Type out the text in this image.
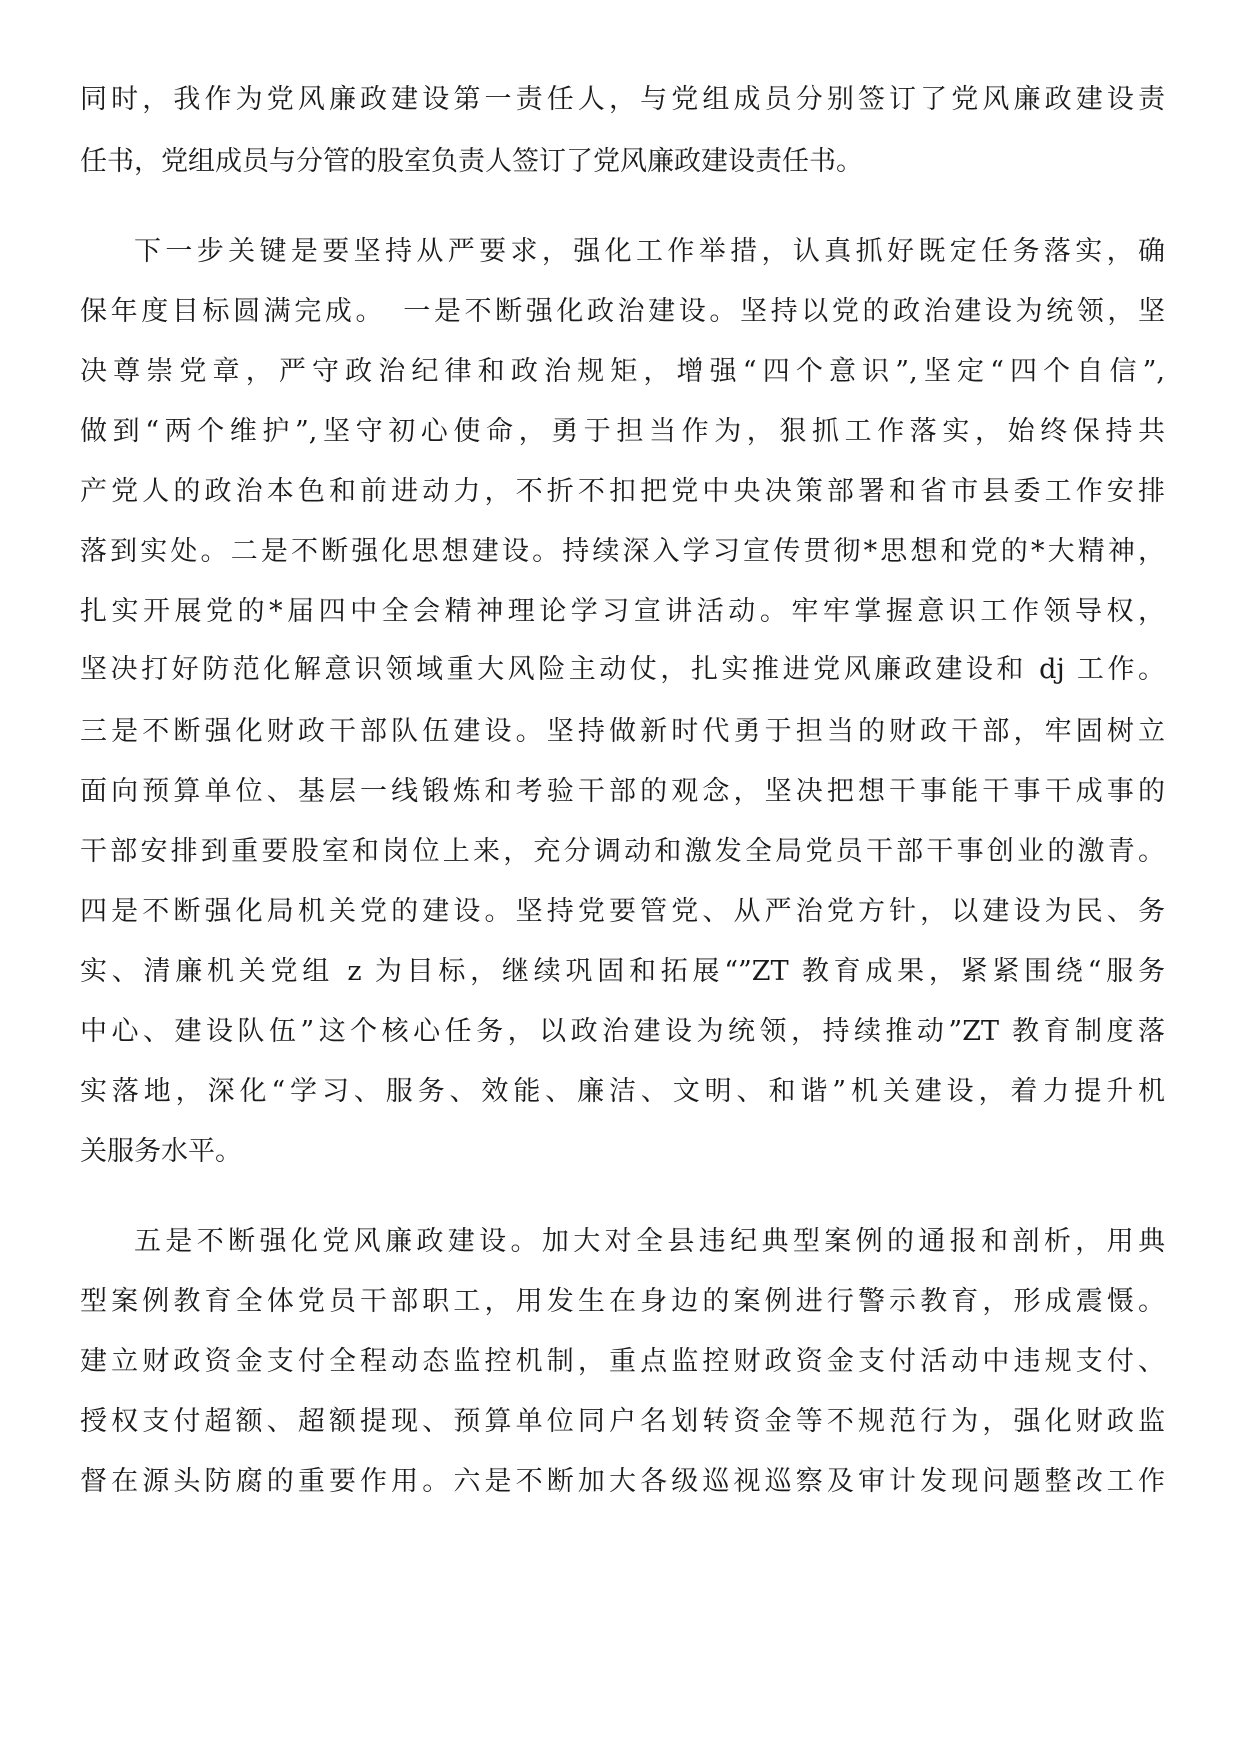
同时，我作为党风廉政建设第一责任人，与党组成员分别签订了党风廉政建设责
任书，党组成员与分管的股室负责人签订了党风廉政建设责任书。
下一步关键是要坚持从严要求，强化工作举措，认真抓好既定任务落实，确
保年度目标圆满完成。　一是不断强化政治建设。坚持以党的政治建设为统领，坚
决尊崇党章，严守政治纪律和政治规矩，增强“四个意识”,坚定“四个自信”,
做到“两个维护”,坚守初心使命，勇于担当作为，狠抓工作落实，始终保持共
产党人的政治本色和前进动力，不折不扣把党中央决策部署和省市县委工作安排
落到实处。二是不断强化思想建设。持续深入学习宣传贯彻*思想和党的*大精神，
扎实开展党的*届四中全会精神理论学习宣讲活动。牢牢掌握意识工作领导权，
坚决打好防范化解意识领域重大风险主动仗，扎实推进党风廉政建设和 dj 工作。
三是不断强化财政干部队伍建设。坚持做新时代勇于担当的财政干部，牢固树立
面向预算单位、基层一线锻炼和考验干部的观念，坚决把想干事能干事干成事的
干部安排到重要股室和岗位上来，充分调动和激发全局党员干部干事创业的激青。
四是不断强化局机关党的建设。坚持党要管党、从严治党方针，以建设为民、务
实、清廉机关党组 z 为目标，继续巩固和拓展“”ZT 教育成果，紧紧围绕“服务
中心、建设队伍”这个核心任务，以政治建设为统领，持续推动”ZT 教育制度落
实落地，深化“学习、服务、效能、廉洁、文明、和谐”机关建设，着力提升机
关服务水平。
五是不断强化党风廉政建设。加大对全县违纪典型案例的通报和剖析，用典
型案例教育全体党员干部职工，用发生在身边的案例进行警示教育，形成震慑。
建立财政资金支付全程动态监控机制，重点监控财政资金支付活动中违规支付、
授权支付超额、超额提现、预算单位同户名划转资金等不规范行为，强化财政监
督在源头防腐的重要作用。六是不断加大各级巡视巡察及审计发现问题整改工作
